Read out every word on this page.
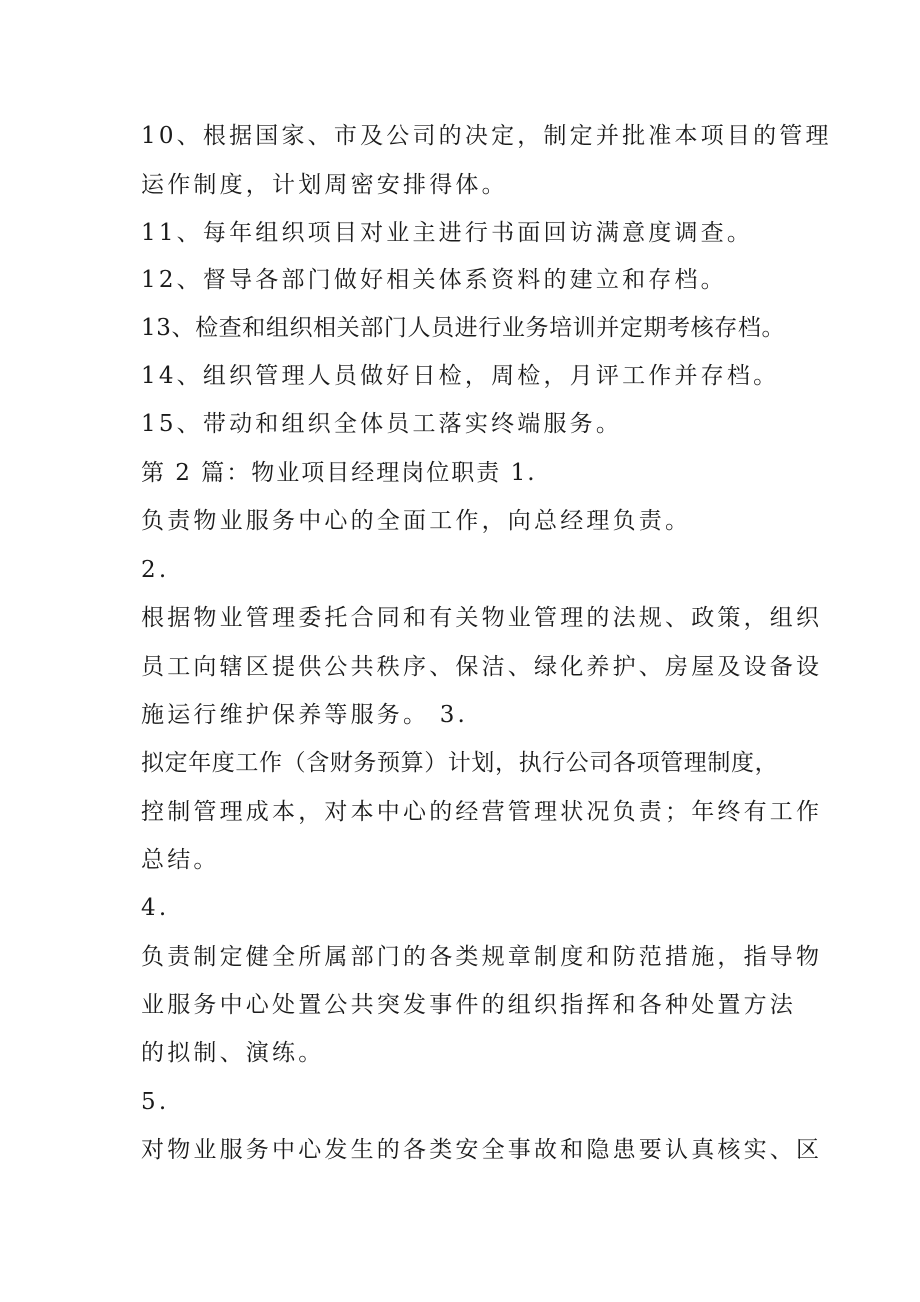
10、根据国家、市及公司的决定，制定并批准本项目的管理
运作制度，计划周密安排得体。
11、每年组织项目对业主进行书面回访满意度调查。
12、督导各部门做好相关体系资料的建立和存档。
13、检查和组织相关部门人员进行业务培训并定期考核存档。
14、组织管理人员做好日检，周检，月评工作并存档。
15、带动和组织全体员工落实终端服务。
第 2 篇：物业项目经理岗位职责 1.
负责物业服务中心的全面工作，向总经理负责。
2.
根据物业管理委托合同和有关物业管理的法规、政策，组织
员工向辖区提供公共秩序、保洁、绿化养护、房屋及设备设
施运行维护保养等服务。 3.
拟定年度工作（含财务预算）计划，执行公司各项管理制度，
控制管理成本，对本中心的经营管理状况负责；年终有工作
总结。
4.
负责制定健全所属部门的各类规章制度和防范措施，指导物
业服务中心处置公共突发事件的组织指挥和各种处置方法
的拟制、演练。
5.
对物业服务中心发生的各类安全事故和隐患要认真核实、区
